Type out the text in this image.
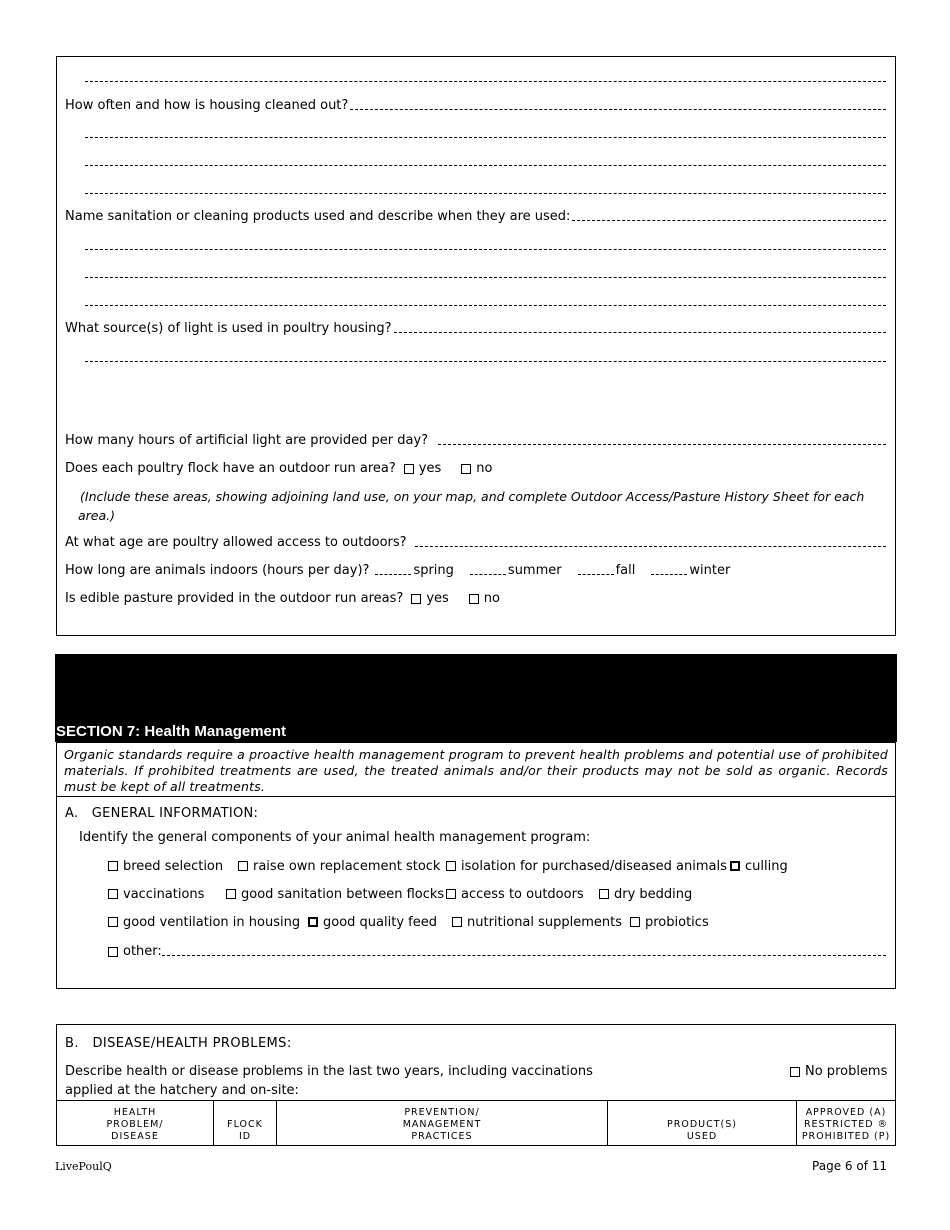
How often and how is housing cleaned out?
Name sanitation or cleaning products used and describe when they are used:
What source(s) of light is used in poultry housing?
How many hours of artificial light are provided per day?
Does each poultry flock have an outdoor run area? yes	no
(Include these areas, showing adjoining land use, on your map, and complete Outdoor Access/Pasture History Sheet for each area.)
At what age are poultry allowed access to outdoors?
How long are animals indoors (hours per day)?	spring	summer	fall	winter
Is edible pasture provided in the outdoor run areas? yes	no
SECTION 7: Health Management
Organic standards require a proactive health management program to prevent health problems and potential use of prohibited materials. If prohibited treatments are used, the treated animals and/or their products may not be sold as organic. Records must be kept of all treatments.
A.   GENERAL INFORMATION:
Identify the general components of your animal health management program:
breed selection raise own replacement stock isolation for purchased/diseased animals culling
vaccinations	good sanitation between flocks access to outdoors dry bedding
good ventilation in housing good quality feed nutritional supplements probiotics
other:
B.   DISEASE/HEALTH PROBLEMS:
Describe health or disease problems in the last two years, including vaccinations
applied at the hatchery and on-site:
No problems
HEALTH
PROBLEM/
DISEASE	FLOCK
ID	PREVENTION/
MANAGEMENT
PRACTICES	PRODUCT(S)
USED	APPROVED (A)
RESTRICTED ®
PROHIBITED (P)
LivePoulQ	Page 6 of 11
